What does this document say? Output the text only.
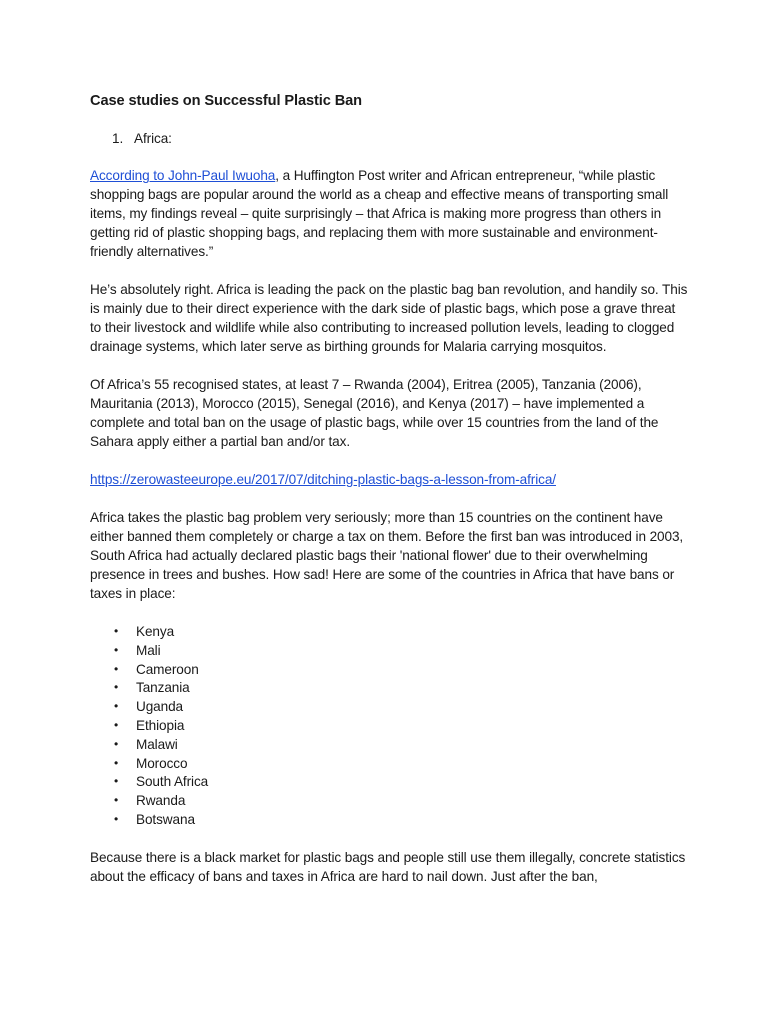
Case studies on Successful Plastic Ban
1. Africa:

According to John-Paul Iwuoha, a Huffington Post writer and African entrepreneur, “while plastic shopping bags are popular around the world as a cheap and effective means of transporting small items, my findings reveal – quite surprisingly – that Africa is making more progress than others in getting rid of plastic shopping bags, and replacing them with more sustainable and environment-friendly alternatives.”

He’s absolutely right. Africa is leading the pack on the plastic bag ban revolution, and handily so. This is mainly due to their direct experience with the dark side of plastic bags, which pose a grave threat to their livestock and wildlife while also contributing to increased pollution levels, leading to clogged drainage systems, which later serve as birthing grounds for Malaria carrying mosquitos.

Of Africa’s 55 recognised states, at least 7 – Rwanda (2004), Eritrea (2005), Tanzania (2006), Mauritania (2013), Morocco (2015), Senegal (2016), and Kenya (2017) – have implemented a complete and total ban on the usage of plastic bags, while over 15 countries from the land of the Sahara apply either a partial ban and/or tax.

https://zerowasteeurope.eu/2017/07/ditching-plastic-bags-a-lesson-from-africa/

Africa takes the plastic bag problem very seriously; more than 15 countries on the continent have either banned them completely or charge a tax on them. Before the first ban was introduced in 2003, South Africa had actually declared plastic bags their 'national flower' due to their overwhelming presence in trees and bushes. How sad! Here are some of the countries in Africa that have bans or taxes in place:

•	Kenya
•	Mali
•	Cameroon
•	Tanzania
•	Uganda
•	Ethiopia
•	Malawi
•	Morocco
•	South Africa
•	Rwanda
•	Botswana

Because there is a black market for plastic bags and people still use them illegally, concrete statistics about the efficacy of bans and taxes in Africa are hard to nail down. Just after the ban,
